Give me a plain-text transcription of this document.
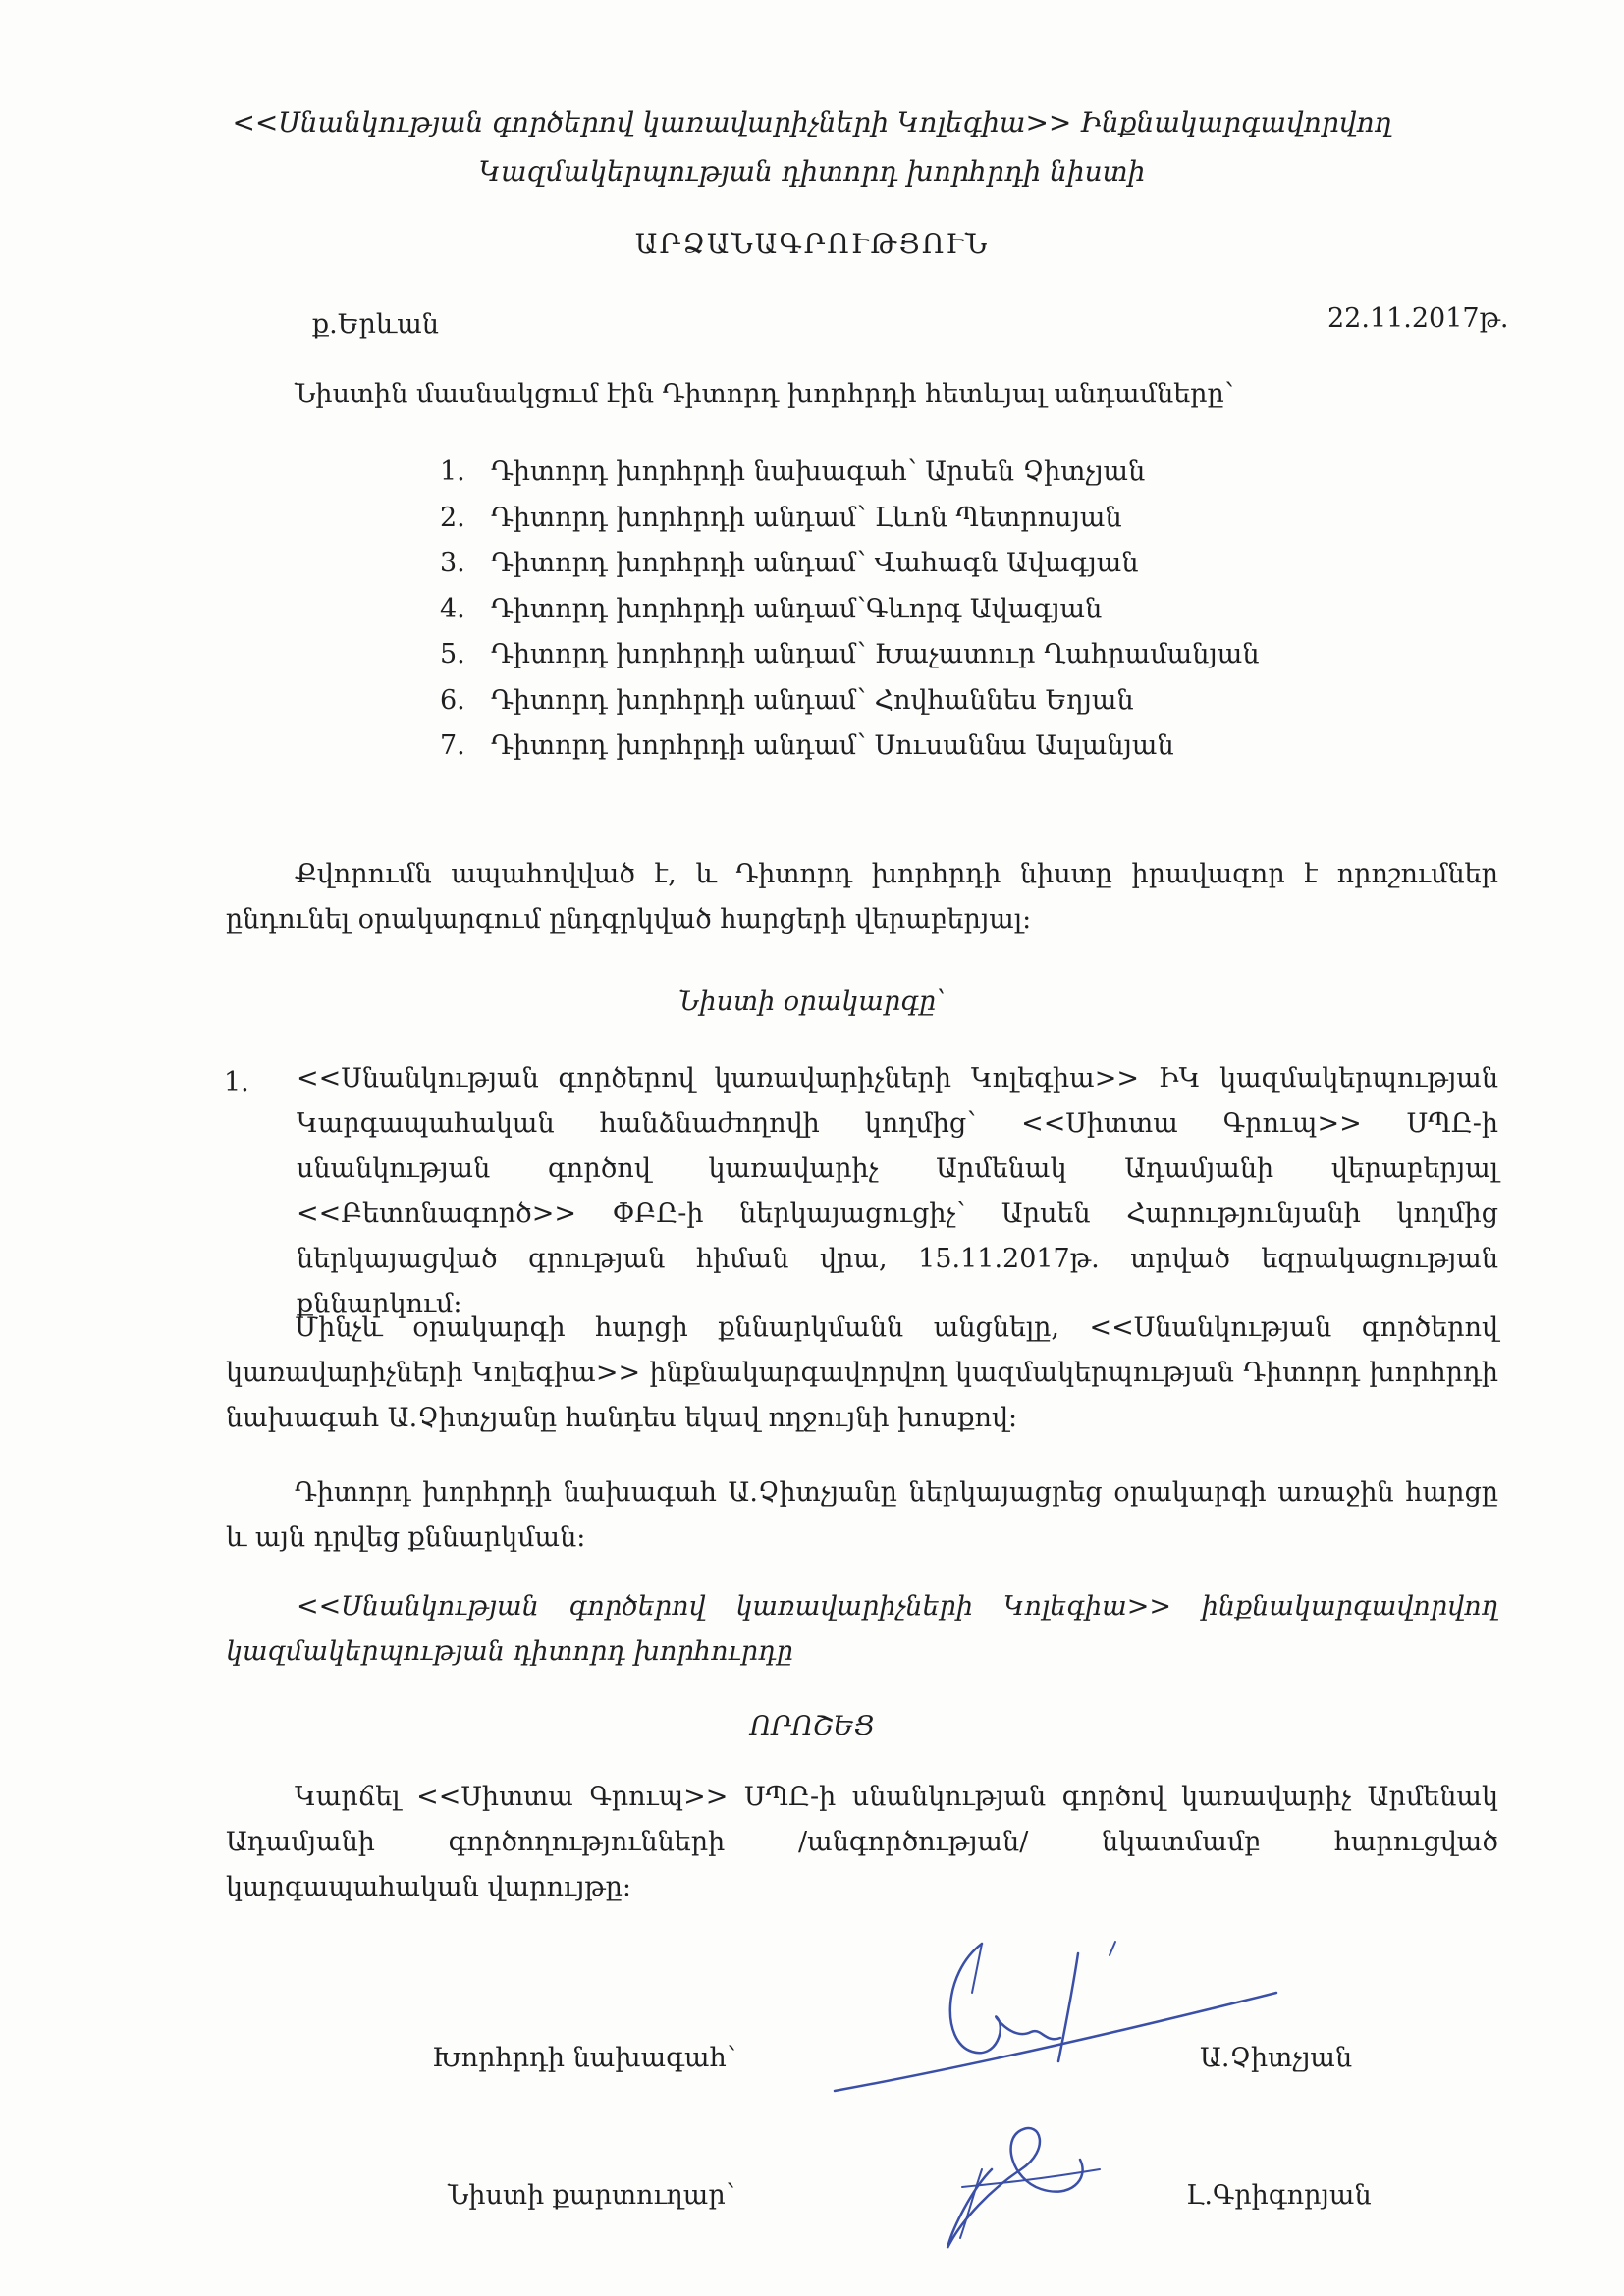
<<Սնանկության գործերով կառավարիչների Կոլեգիա>> Ինքնակարգավորվող
Կազմակերպության դիտորդ խորհրդի նիստի
ԱՐՁԱՆԱԳՐՈՒԹՅՈՒՆ
ք.Երևան	22.11.2017թ.
Նիստին մասնակցում էին Դիտորդ խորհրդի հետևյալ անդամները՝
1. Դիտորդ խորհրդի նախագահ՝ Արսեն Չիտչյան
2. Դիտորդ խորհրդի անդամ՝ Լևոն Պետրոսյան
3. Դիտորդ խորհրդի անդամ՝ Վահագն Ավագյան
4. Դիտորդ խորհրդի անդամ՝Գևորգ Ավագյան
5. Դիտորդ խորհրդի անդամ՝ Խաչատուր Ղահրամանյան
6. Դիտորդ խորհրդի անդամ՝ Հովհաննես Եղյան
7. Դիտորդ խորհրդի անդամ՝ Սուսաննա Ասլանյան
Քվորումն ապահովված է, և Դիտորդ խորհրդի նիստը իրավազոր է որոշումներ ընդունել օրակարգում ընդգրկված հարցերի վերաբերյալ:
Նիստի օրակարգը՝
1. <<Սնանկության գործերով կառավարիչների Կոլեգիա>> ԻԿ կազմակերպության Կարգապահական հանձնաժողովի կողմից՝ <<Սիտտա Գրուպ>> ՍՊԸ-ի սնանկության գործով կառավարիչ Արմենակ Ադամյանի վերաբերյալ <<Բետոնագործ>> ՓԲԸ-ի ներկայացուցիչ՝ Արսեն Հարությունյանի կողմից ներկայացված գրության հիման վրա, 15.11.2017թ. տրված եզրակացության քննարկում:
Մինչև օրակարգի հարցի քննարկմանն անցնելը, <<Սնանկության գործերով կառավարիչների Կոլեգիա>> ինքնակարգավորվող կազմակերպության Դիտորդ խորհրդի նախագահ Ա.Չիտչյանը հանդես եկավ ողջույնի խոսքով:
Դիտորդ խորհրդի նախագահ Ա.Չիտչյանը ներկայացրեց օրակարգի առաջին հարցը և այն դրվեց քննարկման:
<<Սնանկության գործերով կառավարիչների Կոլեգիա>> ինքնակարգավորվող կազմակերպության դիտորդ խորհուրդը
ՈՐՈՇԵՑ
Կարճել <<Սիտտա Գրուպ>> ՍՊԸ-ի սնանկության գործով կառավարիչ Արմենակ Ադամյանի գործողությունների /անգործության/ նկատմամբ հարուցված կարգապահական վարույթը:
Խորհրդի նախագահ՝	Ա.Չիտչյան
Նիստի քարտուղար՝	Լ.Գրիգորյան
